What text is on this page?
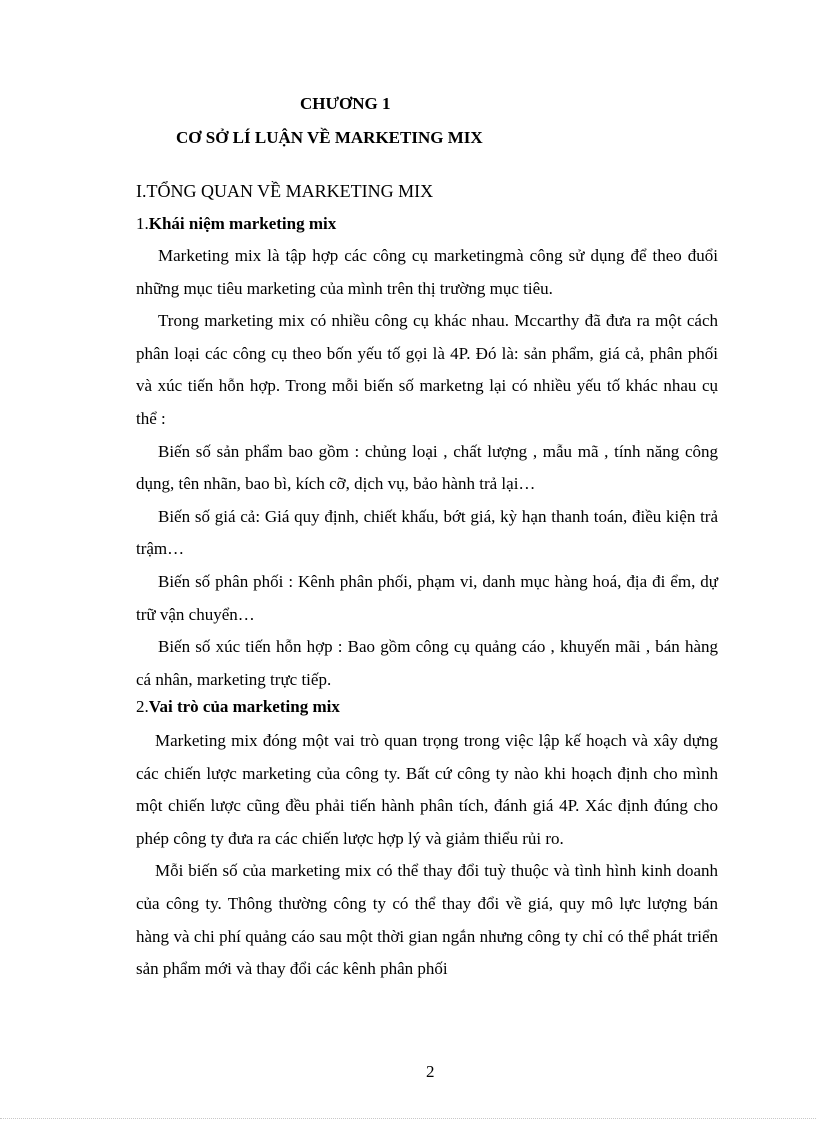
CHƯƠNG 1
CƠ SỞ LÍ LUẬN VỀ MARKETING MIX
I.TỔNG QUAN VỀ MARKETING MIX
1.Khái niệm marketing mix

Marketing mix là tập hợp các công cụ marketingmà công sử dụng để theo đuổi những mục tiêu marketing của mình trên thị trường mục tiêu.

Trong marketing mix có nhiều công cụ khác nhau. Mccarthy đã đưa ra một cách phân loại các công cụ theo bốn yếu tố gọi là 4P. Đó là: sản phẩm, giá cả, phân phối và xúc tiến hỗn hợp. Trong mỗi biến số marketng lại có nhiều yếu tố khác nhau cụ thể :

Biến số sản phẩm bao gồm : chủng loại , chất lượng , mẫu mã , tính năng công dụng, tên nhãn, bao bì, kích cỡ, dịch vụ, bảo hành trả lại…

Biến số giá cả: Giá quy định, chiết khấu, bớt giá, kỳ hạn thanh toán, điều kiện trả trậm…

Biến số phân phối : Kênh phân phối, phạm vi, danh mục hàng hoá, địa đi ểm, dự trữ vận chuyển…

Biến số xúc tiến hỗn hợp : Bao gồm công cụ quảng cáo , khuyến mãi , bán hàng cá nhân, marketing trực tiếp.

2.Vai trò của marketing mix

Marketing mix đóng một vai trò quan trọng trong việc lập kế hoạch và xây dựng các chiến lược marketing của công ty. Bất cứ công ty nào khi hoạch định cho mình một chiến lược cũng đều phải tiến hành phân tích, đánh giá 4P. Xác định đúng cho phép công ty đưa ra các chiến lược hợp lý và giảm thiểu rủi ro.

Mỗi biến số của marketing mix có thể thay đổi tuỳ thuộc và tình hình kinh doanh của công ty. Thông thường công ty có thể thay đổi về giá, quy mô lực lượng bán hàng và chi phí quảng cáo sau một thời gian ngắn nhưng công ty chỉ có thể phát triển sản phẩm mới và thay đổi các kênh phân phối

2
